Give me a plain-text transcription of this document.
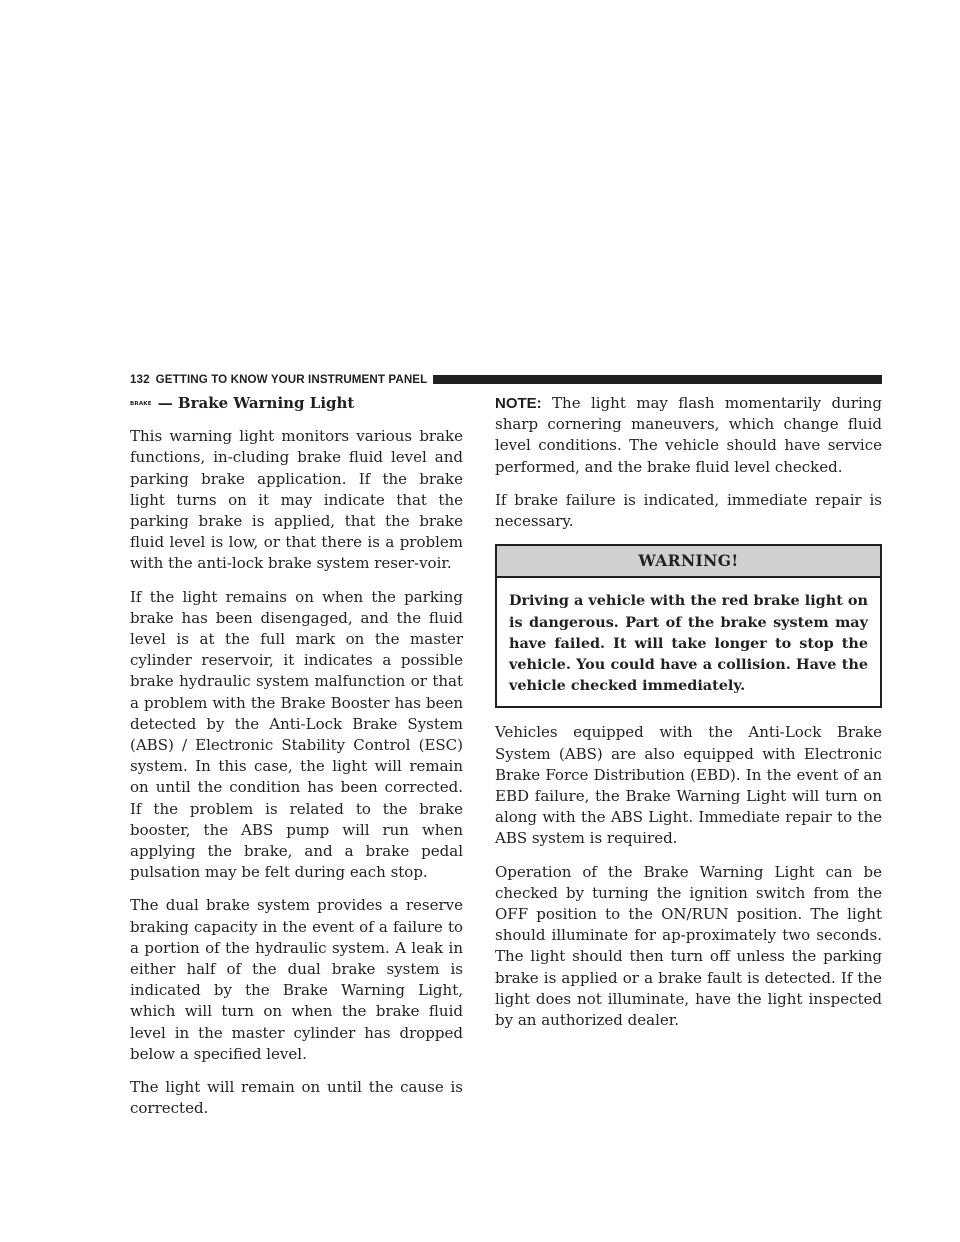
132 GETTING TO KNOW YOUR INSTRUMENT PANEL
BRAKE — Brake Warning Light

This warning light monitors various brake functions, in-cluding brake fluid level and parking brake application. If the brake light turns on it may indicate that the parking brake is applied, that the brake fluid level is low, or that there is a problem with the anti-lock brake system reser-voir.

If the light remains on when the parking brake has been disengaged, and the fluid level is at the full mark on the master cylinder reservoir, it indicates a possible brake hydraulic system malfunction or that a problem with the Brake Booster has been detected by the Anti-Lock Brake System (ABS) / Electronic Stability Control (ESC) system. In this case, the light will remain on until the condition has been corrected. If the problem is related to the brake booster, the ABS pump will run when applying the brake, and a brake pedal pulsation may be felt during each stop.

The dual brake system provides a reserve braking capacity in the event of a failure to a portion of the hydraulic system. A leak in either half of the dual brake system is indicated by the Brake Warning Light, which will turn on when the brake fluid level in the master cylinder has dropped below a specified level.

The light will remain on until the cause is corrected.

NOTE: The light may flash momentarily during sharp cornering maneuvers, which change fluid level conditions. The vehicle should have service performed, and the brake fluid level checked.

If brake failure is indicated, immediate repair is necessary.

WARNING!
Driving a vehicle with the red brake light on is dangerous. Part of the brake system may have failed. It will take longer to stop the vehicle. You could have a collision. Have the vehicle checked immediately.

Vehicles equipped with the Anti-Lock Brake System (ABS) are also equipped with Electronic Brake Force Distribution (EBD). In the event of an EBD failure, the Brake Warning Light will turn on along with the ABS Light. Immediate repair to the ABS system is required.

Operation of the Brake Warning Light can be checked by turning the ignition switch from the OFF position to the ON/RUN position. The light should illuminate for ap-proximately two seconds. The light should then turn off unless the parking brake is applied or a brake fault is detected. If the light does not illuminate, have the light inspected by an authorized dealer.
